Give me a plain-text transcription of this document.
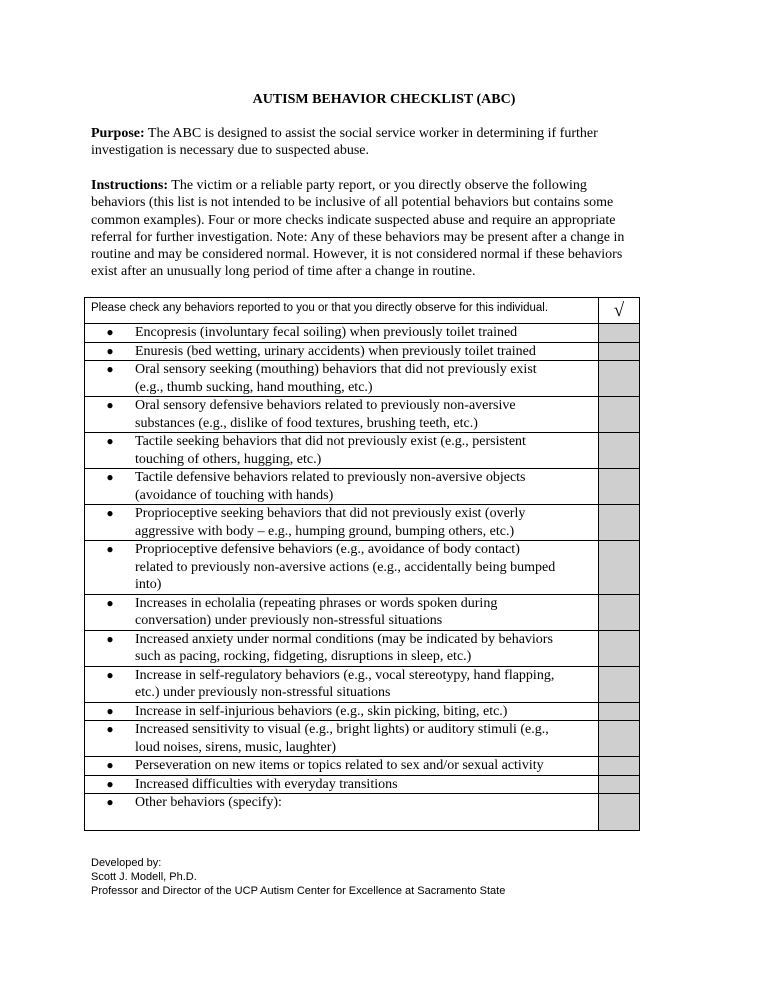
AUTISM BEHAVIOR CHECKLIST (ABC)
Purpose: The ABC is designed to assist the social service worker in determining if further
investigation is necessary due to suspected abuse.
Instructions: The victim or a reliable party report, or you directly observe the following
behaviors (this list is not intended to be inclusive of all potential behaviors but contains some
common examples). Four or more checks indicate suspected abuse and require an appropriate
referral for further investigation. Note: Any of these behaviors may be present after a change in
routine and may be considered normal. However, it is not considered normal if these behaviors
exist after an unusually long period of time after a change in routine.
Please check any behaviors reported to you or that you directly observe for this individual.	√

● Encopresis (involuntary fecal soiling) when previously toilet trained	

● Enuresis (bed wetting, urinary accidents) when previously toilet trained	

● Oral sensory seeking (mouthing) behaviors that did not previously exist
(e.g., thumb sucking, hand mouthing, etc.)	

● Oral sensory defensive behaviors related to previously non-aversive
substances (e.g., dislike of food textures, brushing teeth, etc.)	

● Tactile seeking behaviors that did not previously exist (e.g., persistent
touching of others, hugging, etc.)	

● Tactile defensive behaviors related to previously non-aversive objects
(avoidance of touching with hands)	

● Proprioceptive seeking behaviors that did not previously exist (overly
aggressive with body – e.g., humping ground, bumping others, etc.)	

● Proprioceptive defensive behaviors (e.g., avoidance of body contact)
related to previously non-aversive actions (e.g., accidentally being bumped
into)	

● Increases in echolalia (repeating phrases or words spoken during
conversation) under previously non-stressful situations	

● Increased anxiety under normal conditions (may be indicated by behaviors
such as pacing, rocking, fidgeting, disruptions in sleep, etc.)	

● Increase in self-regulatory behaviors (e.g., vocal stereotypy, hand flapping,
etc.) under previously non-stressful situations	

● Increase in self-injurious behaviors (e.g., skin picking, biting, etc.)	

● Increased sensitivity to visual (e.g., bright lights) or auditory stimuli (e.g.,
loud noises, sirens, music, laughter)	

● Perseveration on new items or topics related to sex and/or sexual activity	

● Increased difficulties with everyday transitions	

● Other behaviors (specify):	

Developed by:
Scott J. Modell, Ph.D.
Professor and Director of the UCP Autism Center for Excellence at Sacramento State
